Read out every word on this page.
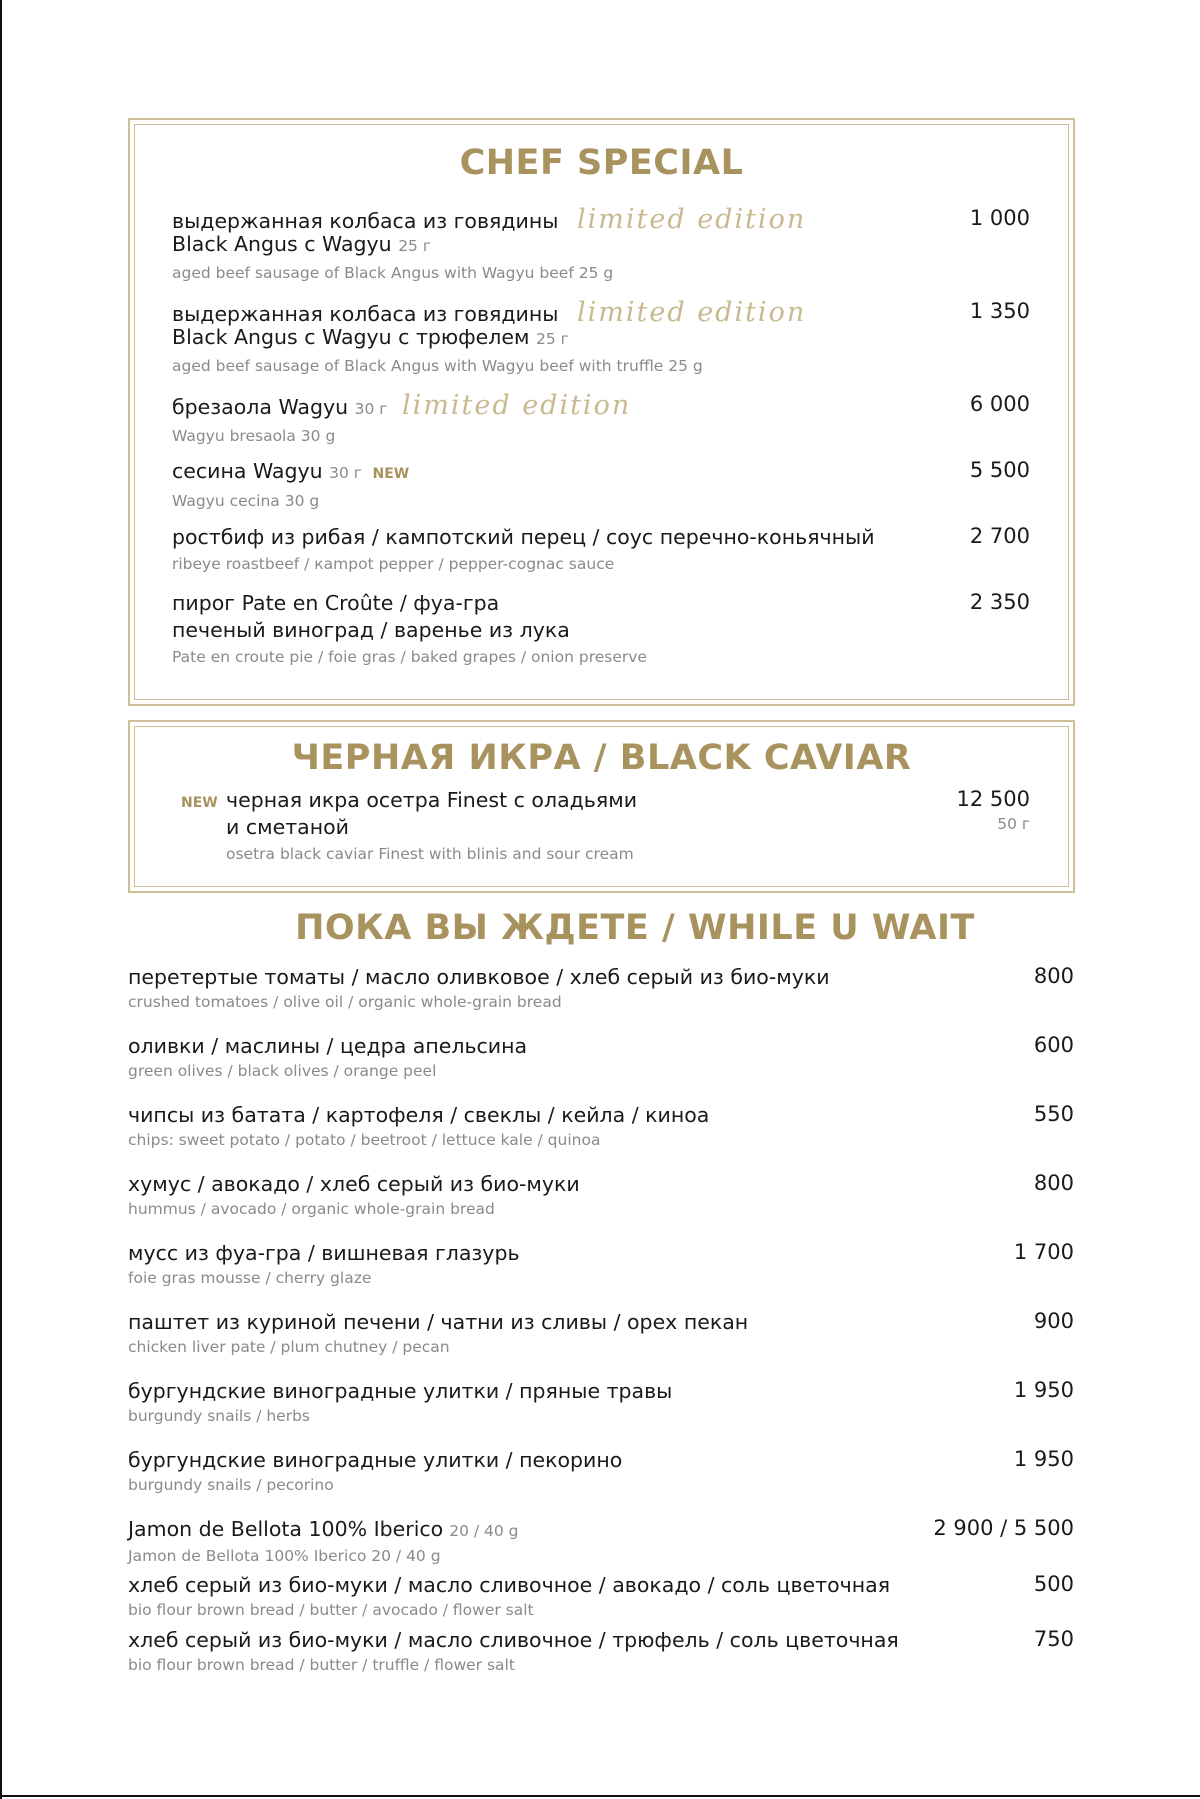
CHEF SPECIAL
выдержанная колбаса из говядины limited edition
Black Angus с Wagyu 25 г
aged beef sausage of Black Angus with Wagyu beef 25 g
1 000
выдержанная колбаса из говядины limited edition
Black Angus с Wagyu с трюфелем 25 г
aged beef sausage of Black Angus with Wagyu beef with truffle 25 g
1 350
брезаола Wagyu 30 г limited edition
Wagyu bresaola 30 g
6 000
сесина Wagyu 30 г NEW
Wagyu cecina 30 g
5 500
ростбиф из рибая / кампотский перец / соус перечно-коньячный
ribeye roastbeef / кampot pepper / pepper-cognac sauce
2 700
пирог Pate en Croûte / фуа-гра
печеный виноград / варенье из лука
Pate en croute pie / foie gras / baked grapes / onion preserve
2 350
ЧЕРНАЯ ИКРА / BLACK CAVIAR
NEW черная икра осетра Finest с оладьями
и сметаной
osetra black caviar Finest with blinis and sour cream
12 500
50 г
ПОКА ВЫ ЖДЕТЕ / WHILE U WAIT
перетертые томаты / масло оливковое / хлеб серый из био-муки
crushed tomatoes / olive oil / organic whole-grain bread
800
оливки / маслины / цедра апельсина
green olives / black olives / orange peel
600
чипсы из батата / картофеля / свеклы / кейла / киноа
chips: sweet potato / potato / beetroot / lettuce kale / quinoa
550
хумус / авокадо / хлеб серый из био-муки
hummus / avocado / organic whole-grain bread
800
мусс из фуа-гра / вишневая глазурь
foie gras mousse / cherry glaze
1 700
паштет из куриной печени / чатни из сливы / орех пекан
chicken liver pate / plum chutney / pecan
900
бургундские виноградные улитки / пряные травы
burgundy snails / herbs
1 950
бургундские виноградные улитки / пекорино
burgundy snails / pecorino
1 950
Jamon de Bellota 100% Iberico 20 / 40 g
Jamon de Bellota 100% Iberico 20 / 40 g
2 900 / 5 500
хлеб серый из био-муки / масло сливочное / авокадо / соль цветочная
bio flour brown bread / butter / avocado / flower salt
500
хлеб серый из био-муки / масло сливочное / трюфель / соль цветочная
bio flour brown bread / butter / truffle / flower salt
750
